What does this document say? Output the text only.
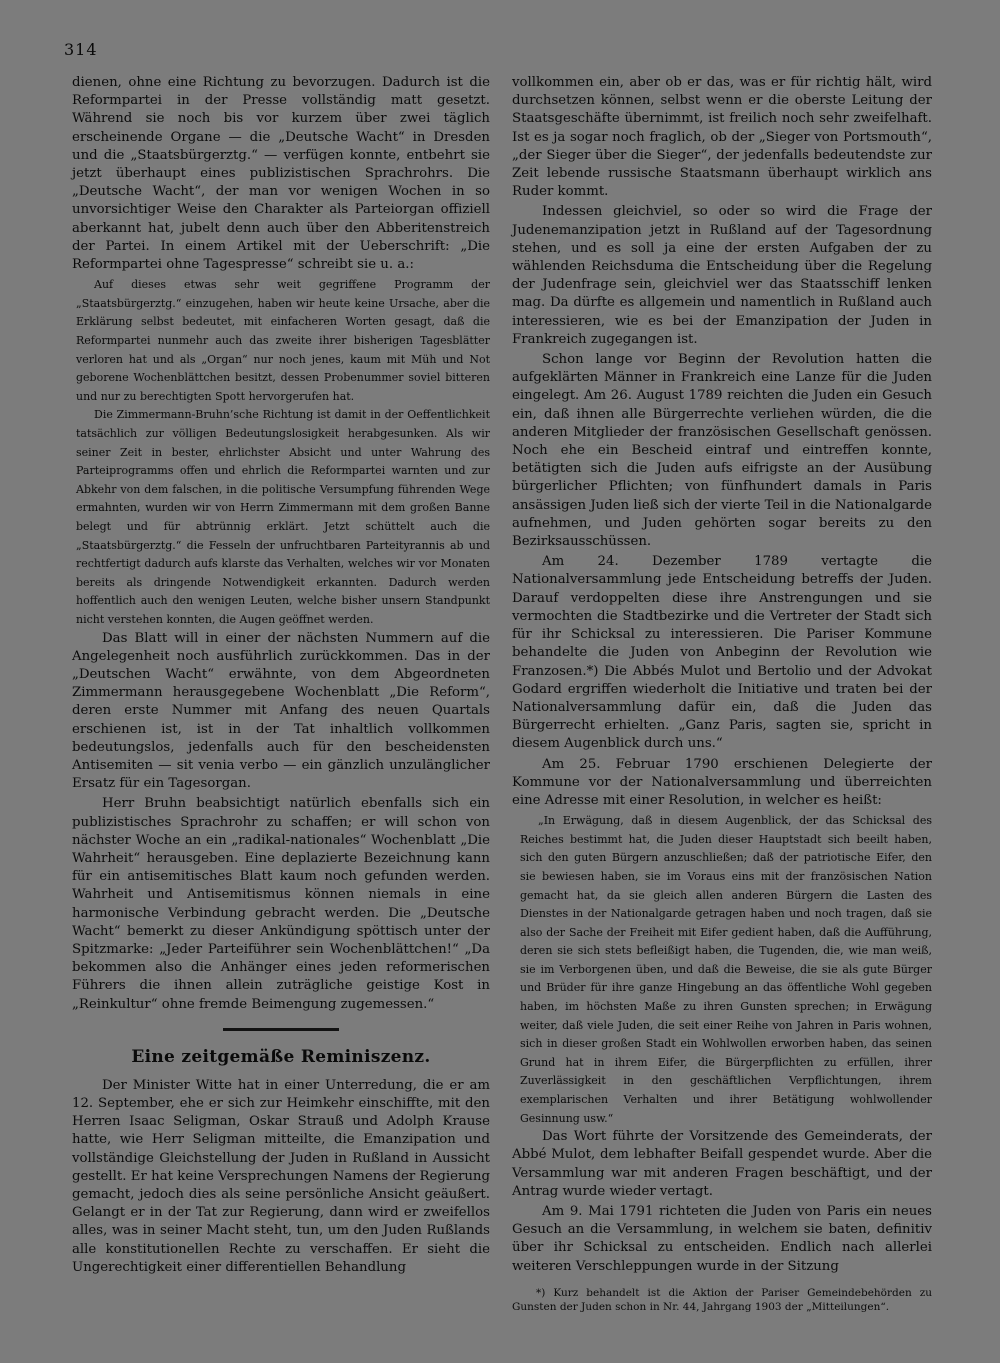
314

dienen, ohne eine Richtung zu bevorzugen. Dadurch ist die Reformpartei in der Presse vollständig matt gesetzt. Während sie noch bis vor kurzem über zwei täglich erscheinende Organe — die „Deutsche Wacht“ in Dresden und die „Staatsbürgerztg.“ — verfügen konnte, entbehrt sie jetzt überhaupt eines publizistischen Sprachrohrs. Die „Deutsche Wacht“, der man vor wenigen Wochen in so unvorsichtiger Weise den Charakter als Parteiorgan offiziell aberkannt hat, jubelt denn auch über den Abberitenstreich der Partei. In einem Artikel mit der Ueberschrift: „Die Reformpartei ohne Tagespresse“ schreibt sie u. a.:

Auf dieses etwas sehr weit gegriffene Programm der „Staatsbürgerztg.“ einzugehen, haben wir heute keine Ursache, aber die Erklärung selbst bedeutet, mit einfacheren Worten gesagt, daß die Reformpartei nunmehr auch das zweite ihrer bisherigen Tagesblätter verloren hat und als „Organ“ nur noch jenes, kaum mit Müh und Not geborene Wochenblättchen besitzt, dessen Probenummer soviel bitteren und nur zu berechtigten Spott hervorgerufen hat.

Die Zimmermann-Bruhn’sche Richtung ist damit in der Oeffentlichkeit tatsächlich zur völligen Bedeutungslosigkeit herabgesunken. Als wir seiner Zeit in bester, ehrlichster Absicht und unter Wahrung des Parteiprogramms offen und ehrlich die Reformpartei warnten und zur Abkehr von dem falschen, in die politische Versumpfung führenden Wege ermahnten, wurden wir von Herrn Zimmermann mit dem großen Banne belegt und für abtrünnig erklärt. Jetzt schüttelt auch die „Staatsbürgerztg.“ die Fesseln der unfruchtbaren Parteityrannis ab und rechtfertigt dadurch aufs klarste das Verhalten, welches wir vor Monaten bereits als dringende Notwendigkeit erkannten. Dadurch werden hoffentlich auch den wenigen Leuten, welche bisher unsern Standpunkt nicht verstehen konnten, die Augen geöffnet werden.

Das Blatt will in einer der nächsten Nummern auf die Angelegenheit noch ausführlich zurückkommen. Das in der „Deutschen Wacht“ erwähnte, von dem Abgeordneten Zimmermann herausgegebene Wochenblatt „Die Reform“, deren erste Nummer mit Anfang des neuen Quartals erschienen ist, ist in der Tat inhaltlich vollkommen bedeutungslos, jedenfalls auch für den bescheidensten Antisemiten — sit venia verbo — ein gänzlich unzulänglicher Ersatz für ein Tagesorgan.

Herr Bruhn beabsichtigt natürlich ebenfalls sich ein publizistisches Sprachrohr zu schaffen; er will schon von nächster Woche an ein „radikal-nationales“ Wochenblatt „Die Wahrheit“ herausgeben. Eine deplazierte Bezeichnung kann für ein antisemitisches Blatt kaum noch gefunden werden. Wahrheit und Antisemitismus können niemals in eine harmonische Verbindung gebracht werden. Die „Deutsche Wacht“ bemerkt zu dieser Ankündigung spöttisch unter der Spitzmarke: „Jeder Parteiführer sein Wochenblättchen!“ „Da bekommen also die Anhänger eines jeden reformerischen Führers die ihnen allein zuträgliche geistige Kost in „Reinkultur“ ohne fremde Beimengung zugemessen.“

Eine zeitgemäße Reminiszenz.

Der Minister Witte hat in einer Unterredung, die er am 12. September, ehe er sich zur Heimkehr einschiffte, mit den Herren Isaac Seligman, Oskar Strauß und Adolph Krause hatte, wie Herr Seligman mitteilte, die Emanzipation und vollständige Gleichstellung der Juden in Rußland in Aussicht gestellt. Er hat keine Versprechungen Namens der Regierung gemacht, jedoch dies als seine persönliche Ansicht geäußert. Gelangt er in der Tat zur Regierung, dann wird er zweifellos alles, was in seiner Macht steht, tun, um den Juden Rußlands alle konstitutionellen Rechte zu verschaffen. Er sieht die Ungerechtigkeit einer differentiellen Behandlung

vollkommen ein, aber ob er das, was er für richtig hält, wird durchsetzen können, selbst wenn er die oberste Leitung der Staatsgeschäfte übernimmt, ist freilich noch sehr zweifelhaft. Ist es ja sogar noch fraglich, ob der „Sieger von Portsmouth“, „der Sieger über die Sieger“, der jedenfalls bedeutendste zur Zeit lebende russische Staatsmann überhaupt wirklich ans Ruder kommt.

Indessen gleichviel, so oder so wird die Frage der Judenemanzipation jetzt in Rußland auf der Tagesordnung stehen, und es soll ja eine der ersten Aufgaben der zu wählenden Reichsduma die Entscheidung über die Regelung der Judenfrage sein, gleichviel wer das Staatsschiff lenken mag. Da dürfte es allgemein und namentlich in Rußland auch interessieren, wie es bei der Emanzipation der Juden in Frankreich zugegangen ist.

Schon lange vor Beginn der Revolution hatten die aufgeklärten Männer in Frankreich eine Lanze für die Juden eingelegt. Am 26. August 1789 reichten die Juden ein Gesuch ein, daß ihnen alle Bürgerrechte verliehen würden, die die anderen Mitglieder der französischen Gesellschaft genössen. Noch ehe ein Bescheid eintraf und eintreffen konnte, betätigten sich die Juden aufs eifrigste an der Ausübung bürgerlicher Pflichten; von fünfhundert damals in Paris ansässigen Juden ließ sich der vierte Teil in die Nationalgarde aufnehmen, und Juden gehörten sogar bereits zu den Bezirksausschüssen.

Am 24. Dezember 1789 vertagte die Nationalversammlung jede Entscheidung betreffs der Juden. Darauf verdoppelten diese ihre Anstrengungen und sie vermochten die Stadtbezirke und die Vertreter der Stadt sich für ihr Schicksal zu interessieren. Die Pariser Kommune behandelte die Juden von Anbeginn der Revolution wie Franzosen.*) Die Abbés Mulot und Bertolio und der Advokat Godard ergriffen wiederholt die Initiative und traten bei der Nationalversammlung dafür ein, daß die Juden das Bürgerrecht erhielten. „Ganz Paris, sagten sie, spricht in diesem Augenblick durch uns.“

Am 25. Februar 1790 erschienen Delegierte der Kommune vor der Nationalversammlung und überreichten eine Adresse mit einer Resolution, in welcher es heißt:

„In Erwägung, daß in diesem Augenblick, der das Schicksal des Reiches bestimmt hat, die Juden dieser Hauptstadt sich beeilt haben, sich den guten Bürgern anzuschließen; daß der patriotische Eifer, den sie bewiesen haben, sie im Voraus eins mit der französischen Nation gemacht hat, da sie gleich allen anderen Bürgern die Lasten des Dienstes in der Nationalgarde getragen haben und noch tragen, daß sie also der Sache der Freiheit mit Eifer gedient haben, daß die Aufführung, deren sie sich stets befleißigt haben, die Tugenden, die, wie man weiß, sie im Verborgenen üben, und daß die Beweise, die sie als gute Bürger und Brüder für ihre ganze Hingebung an das öffentliche Wohl gegeben haben, im höchsten Maße zu ihren Gunsten sprechen; in Erwägung weiter, daß viele Juden, die seit einer Reihe von Jahren in Paris wohnen, sich in dieser großen Stadt ein Wohlwollen erworben haben, das seinen Grund hat in ihrem Eifer, die Bürgerpflichten zu erfüllen, ihrer Zuverlässigkeit in den geschäftlichen Verpflichtungen, ihrem exemplarischen Verhalten und ihrer Betätigung wohlwollender Gesinnung usw.“

Das Wort führte der Vorsitzende des Gemeinderats, der Abbé Mulot, dem lebhafter Beifall gespendet wurde. Aber die Versammlung war mit anderen Fragen beschäftigt, und der Antrag wurde wieder vertagt.

Am 9. Mai 1791 richteten die Juden von Paris ein neues Gesuch an die Versammlung, in welchem sie baten, definitiv über ihr Schicksal zu entscheiden. Endlich nach allerlei weiteren Verschleppungen wurde in der Sitzung

*) Kurz behandelt ist die Aktion der Pariser Gemeindebehörden zu Gunsten der Juden schon in Nr. 44, Jahrgang 1903 der „Mitteilungen“.
